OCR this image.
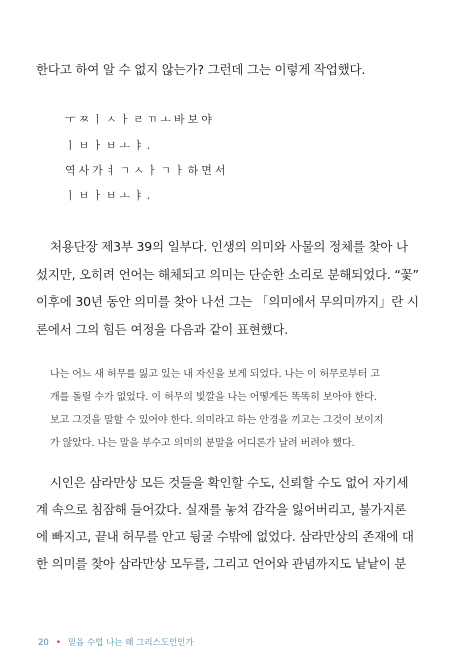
한다고 하여 알 수 없지 않는가? 그런데 그는 이렇게 작업했다.
ㅜㅉㅣㅅㅏㄹㄲㅗ바보야
ㅣㅂㅏㅂㅗㅑ.
역사가ㅕㄱㅅㅏㄱㅏ하면서
ㅣㅂㅏㅂㅗㅑ.
처용단장 제3부 39의 일부다. 인생의 의미와 사물의 정체를 찾아 나
섰지만, 오히려 언어는 해체되고 의미는 단순한 소리로 분해되었다. “꽃”
이후에 30년 동안 의미를 찾아 나선 그는 「의미에서 무의미까지」란 시
론에서 그의 힘든 여정을 다음과 같이 표현했다.
나는 어느 새 허무를 잃고 있는 내 자신을 보게 되었다. 나는 이 허무로부터 고
개를 돌릴 수가 없었다. 이 허무의 빛깔을 나는 어떻게든 똑똑히 보아야 한다.
보고 그것을 말할 수 있어야 한다. 의미라고 하는 안경을 끼고는 그것이 보이지
가 않았다. 나는 말을 부수고 의미의 분말을 어디론가 날려 버려야 했다.
시인은 삼라만상 모든 것들을 확인할 수도, 신뢰할 수도 없어 자기세
계 속으로 침잠해 들어갔다. 실재를 놓쳐 감각을 잃어버리고, 불가지론
에 빠지고, 끝내 허무를 안고 뒹굴 수밖에 없었다. 삼라만상의 존재에 대
한 의미를 찾아 삼라만상 모두를, 그리고 언어와 관념까지도 낱낱이 분
20 • 믿음 수업 나는 왜 그리스도인인가
